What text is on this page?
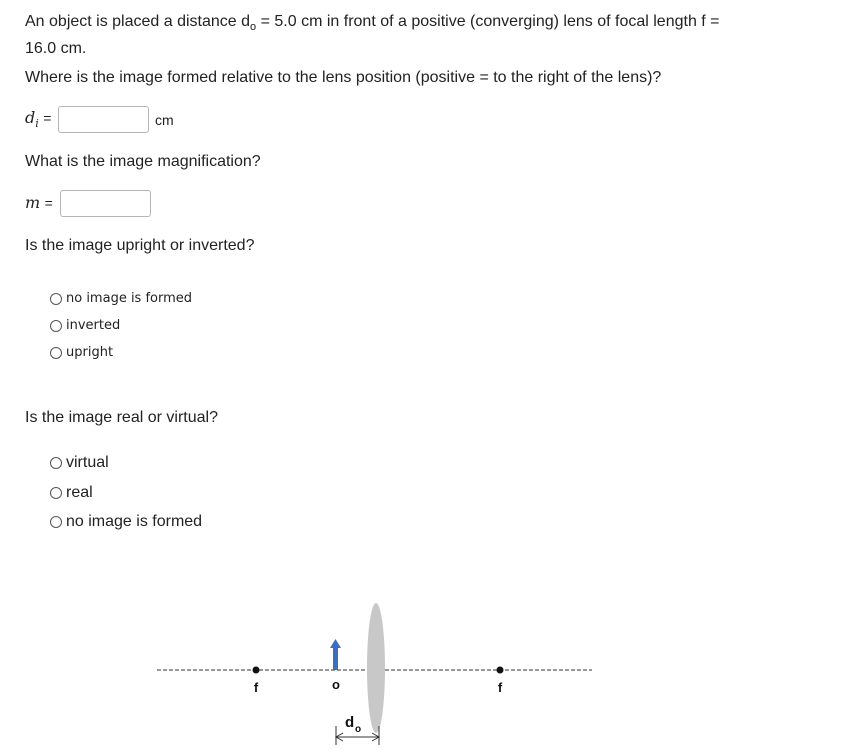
An object is placed a distance $d_o = 5.0$ cm in front of a positive (converging) lens of focal length f =
16.0 cm.
Where is the image formed relative to the lens position (positive = to the right of the lens)?
$d_i$ =	cm
What is the image magnification?
m =
Is the image upright or inverted?
no image is formed
inverted
upright
Is the image real or virtual?
virtual
real
no image is formed
f	o	f
d o
